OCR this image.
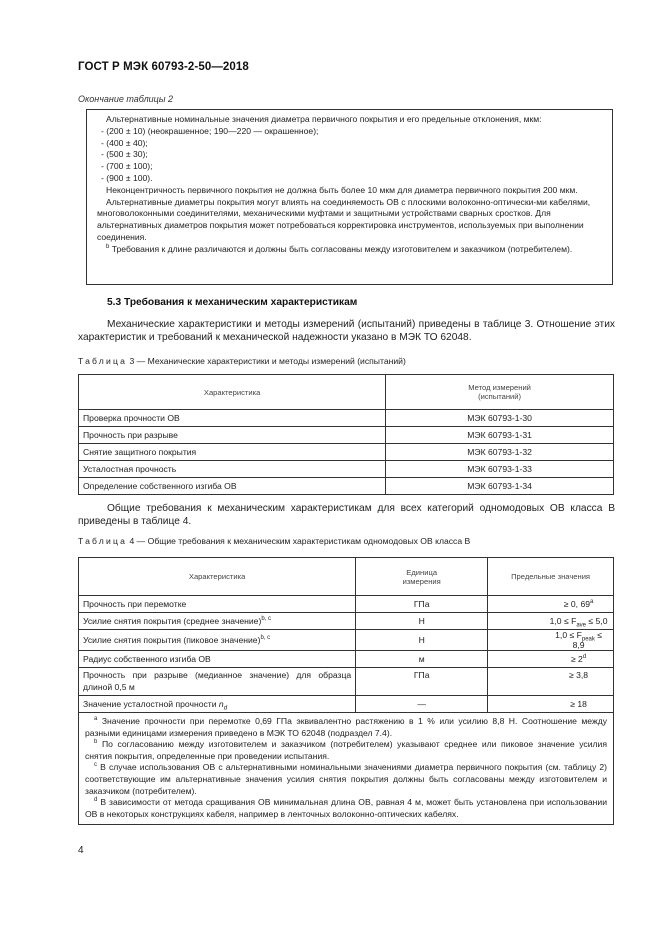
ГОСТ Р МЭК 60793-2-50—2018
Окончание таблицы 2
Альтернативные номинальные значения диаметра первичного покрытия и его предельные отклонения, мкм:
- (200 ± 10) (неокрашенное; 190—220 — окрашенное);
- (400 ± 40);
- (500 ± 30);
- (700 ± 100);
- (900 ± 100).
Неконцентричность первичного покрытия не должна быть более 10 мкм для диаметра первичного покрытия 200 мкм.
Альтернативные диаметры покрытия могут влиять на соединяемость ОВ с плоскими волоконно-оптически-ми кабелями, многоволоконными соединителями, механическими муфтами и защитными устройствами сварных сростков. Для альтернативных диаметров покрытия может потребоваться корректировка инструментов, используемых при выполнении соединения.
$^b$ Требования к длине различаются и должны быть согласованы между изготовителем и заказчиком (потребителем).
5.3 Требования к механическим характеристикам
Механические характеристики и методы измерений (испытаний) приведены в таблице 3. Отношение этих характеристик и требований к механической надежности указано в МЭК ТО 62048.
Таблица 3 — Механические характеристики и методы измерений (испытаний)
Характеристика	Метод измерений (испытаний)
Проверка прочности ОВ	МЭК 60793-1-30
Прочность при разрыве	МЭК 60793-1-31
Снятие защитного покрытия	МЭК 60793-1-32
Усталостная прочность	МЭК 60793-1-33
Определение собственного изгиба ОВ	МЭК 60793-1-34
Общие требования к механическим характеристикам для всех категорий одномодовых ОВ класса В приведены в таблице 4.
Таблица 4 — Общие требования к механическим характеристикам одномодовых ОВ класса В
Характеристика	Единица измерения	Предельные значения
Прочность при перемотке	ГПа	≥ 0, 69$^a$
Усилие снятия покрытия (среднее значение)$^{b, c}$	Н	$1,0 \le F_{ave} \le 5,0$
Усилие снятия покрытия (пиковое значение)$^{b, c}$	Н	$1,0 \le F_{peak} \le 8,9$
Радиус собственного изгиба ОВ	м	≥ $2^d$
Прочность при разрыве (медианное значение) для образца длиной 0,5 м	ГПа	≥ 3,8
Значение усталостной прочности $n_d$	—	≥ 18

$^a$ Значение прочности при перемотке 0,69 ГПа эквивалентно растяжению в 1 % или усилию 8,8 Н. Соотношение между разными единицами измерения приведено в МЭК ТО 62048 (подраздел 7.4).

$^b$ По согласованию между изготовителем и заказчиком (потребителем) указывают среднее или пиковое значение усилия снятия покрытия, определенные при проведении испытания.

$^c$ В случае использования ОВ с альтернативными номинальными значениями диаметра первичного покрытия (см. таблицу 2) соответствующие им альтернативные значения усилия снятия покрытия должны быть согласованы между изготовителем и заказчиком (потребителем).

$^d$ В зависимости от метода сращивания ОВ минимальная длина ОВ, равная 4 м, может быть установлена при использовании ОВ в некоторых конструкциях кабеля, например в ленточных волоконно-оптических кабелях.		

4
